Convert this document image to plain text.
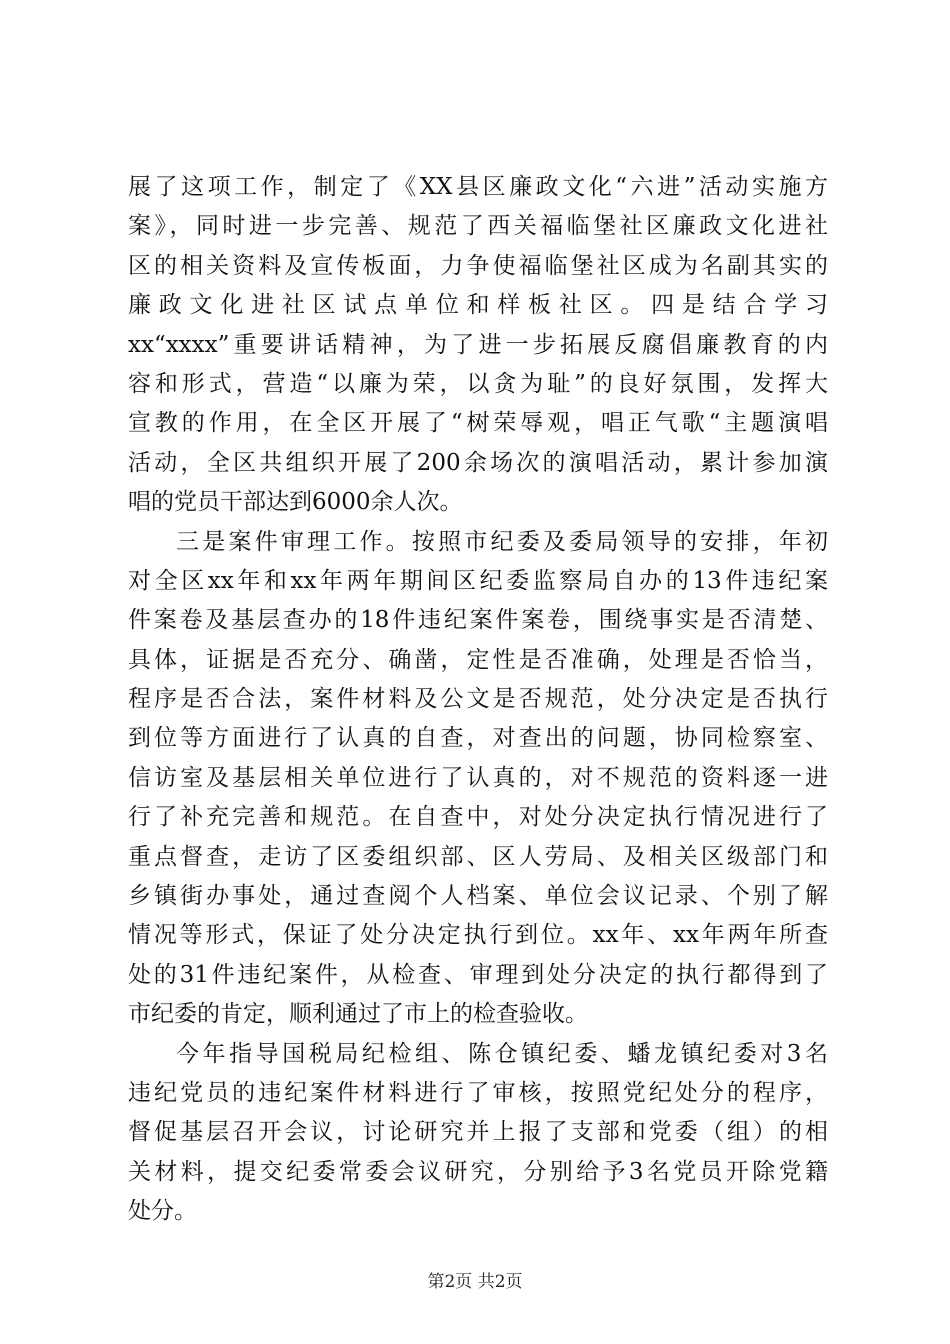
展了这项工作，制定了《XX县区廉政文化“六进”活动实施方
案》，同时进一步完善、规范了西关福临堡社区廉政文化进社
区的相关资料及宣传板面，力争使福临堡社区成为名副其实的
廉政文化进社区试点单位和样板社区。四是结合学习
xx“xxxx”重要讲话精神，为了进一步拓展反腐倡廉教育的内
容和形式，营造“以廉为荣，以贪为耻”的良好氛围，发挥大
宣教的作用，在全区开展了“树荣辱观，唱正气歌“主题演唱
活动，全区共组织开展了200余场次的演唱活动，累计参加演
唱的党员干部达到6000余人次。
三是案件审理工作。按照市纪委及委局领导的安排，年初
对全区xx年和xx年两年期间区纪委监察局自办的13件违纪案
件案卷及基层查办的18件违纪案件案卷，围绕事实是否清楚、
具体，证据是否充分、确凿，定性是否准确，处理是否恰当，
程序是否合法，案件材料及公文是否规范，处分决定是否执行
到位等方面进行了认真的自查，对查出的问题，协同检察室、
信访室及基层相关单位进行了认真的，对不规范的资料逐一进
行了补充完善和规范。在自查中，对处分决定执行情况进行了
重点督查，走访了区委组织部、区人劳局、及相关区级部门和
乡镇街办事处，通过查阅个人档案、单位会议记录、个别了解
情况等形式，保证了处分决定执行到位。xx年、xx年两年所查
处的31件违纪案件，从检查、审理到处分决定的执行都得到了
市纪委的肯定，顺利通过了市上的检查验收。
今年指导国税局纪检组、陈仓镇纪委、蟠龙镇纪委对3名
违纪党员的违纪案件材料进行了审核，按照党纪处分的程序，
督促基层召开会议，讨论研究并上报了支部和党委（组）的相
关材料，提交纪委常委会议研究，分别给予3名党员开除党籍
处分。
第2页 共2页
